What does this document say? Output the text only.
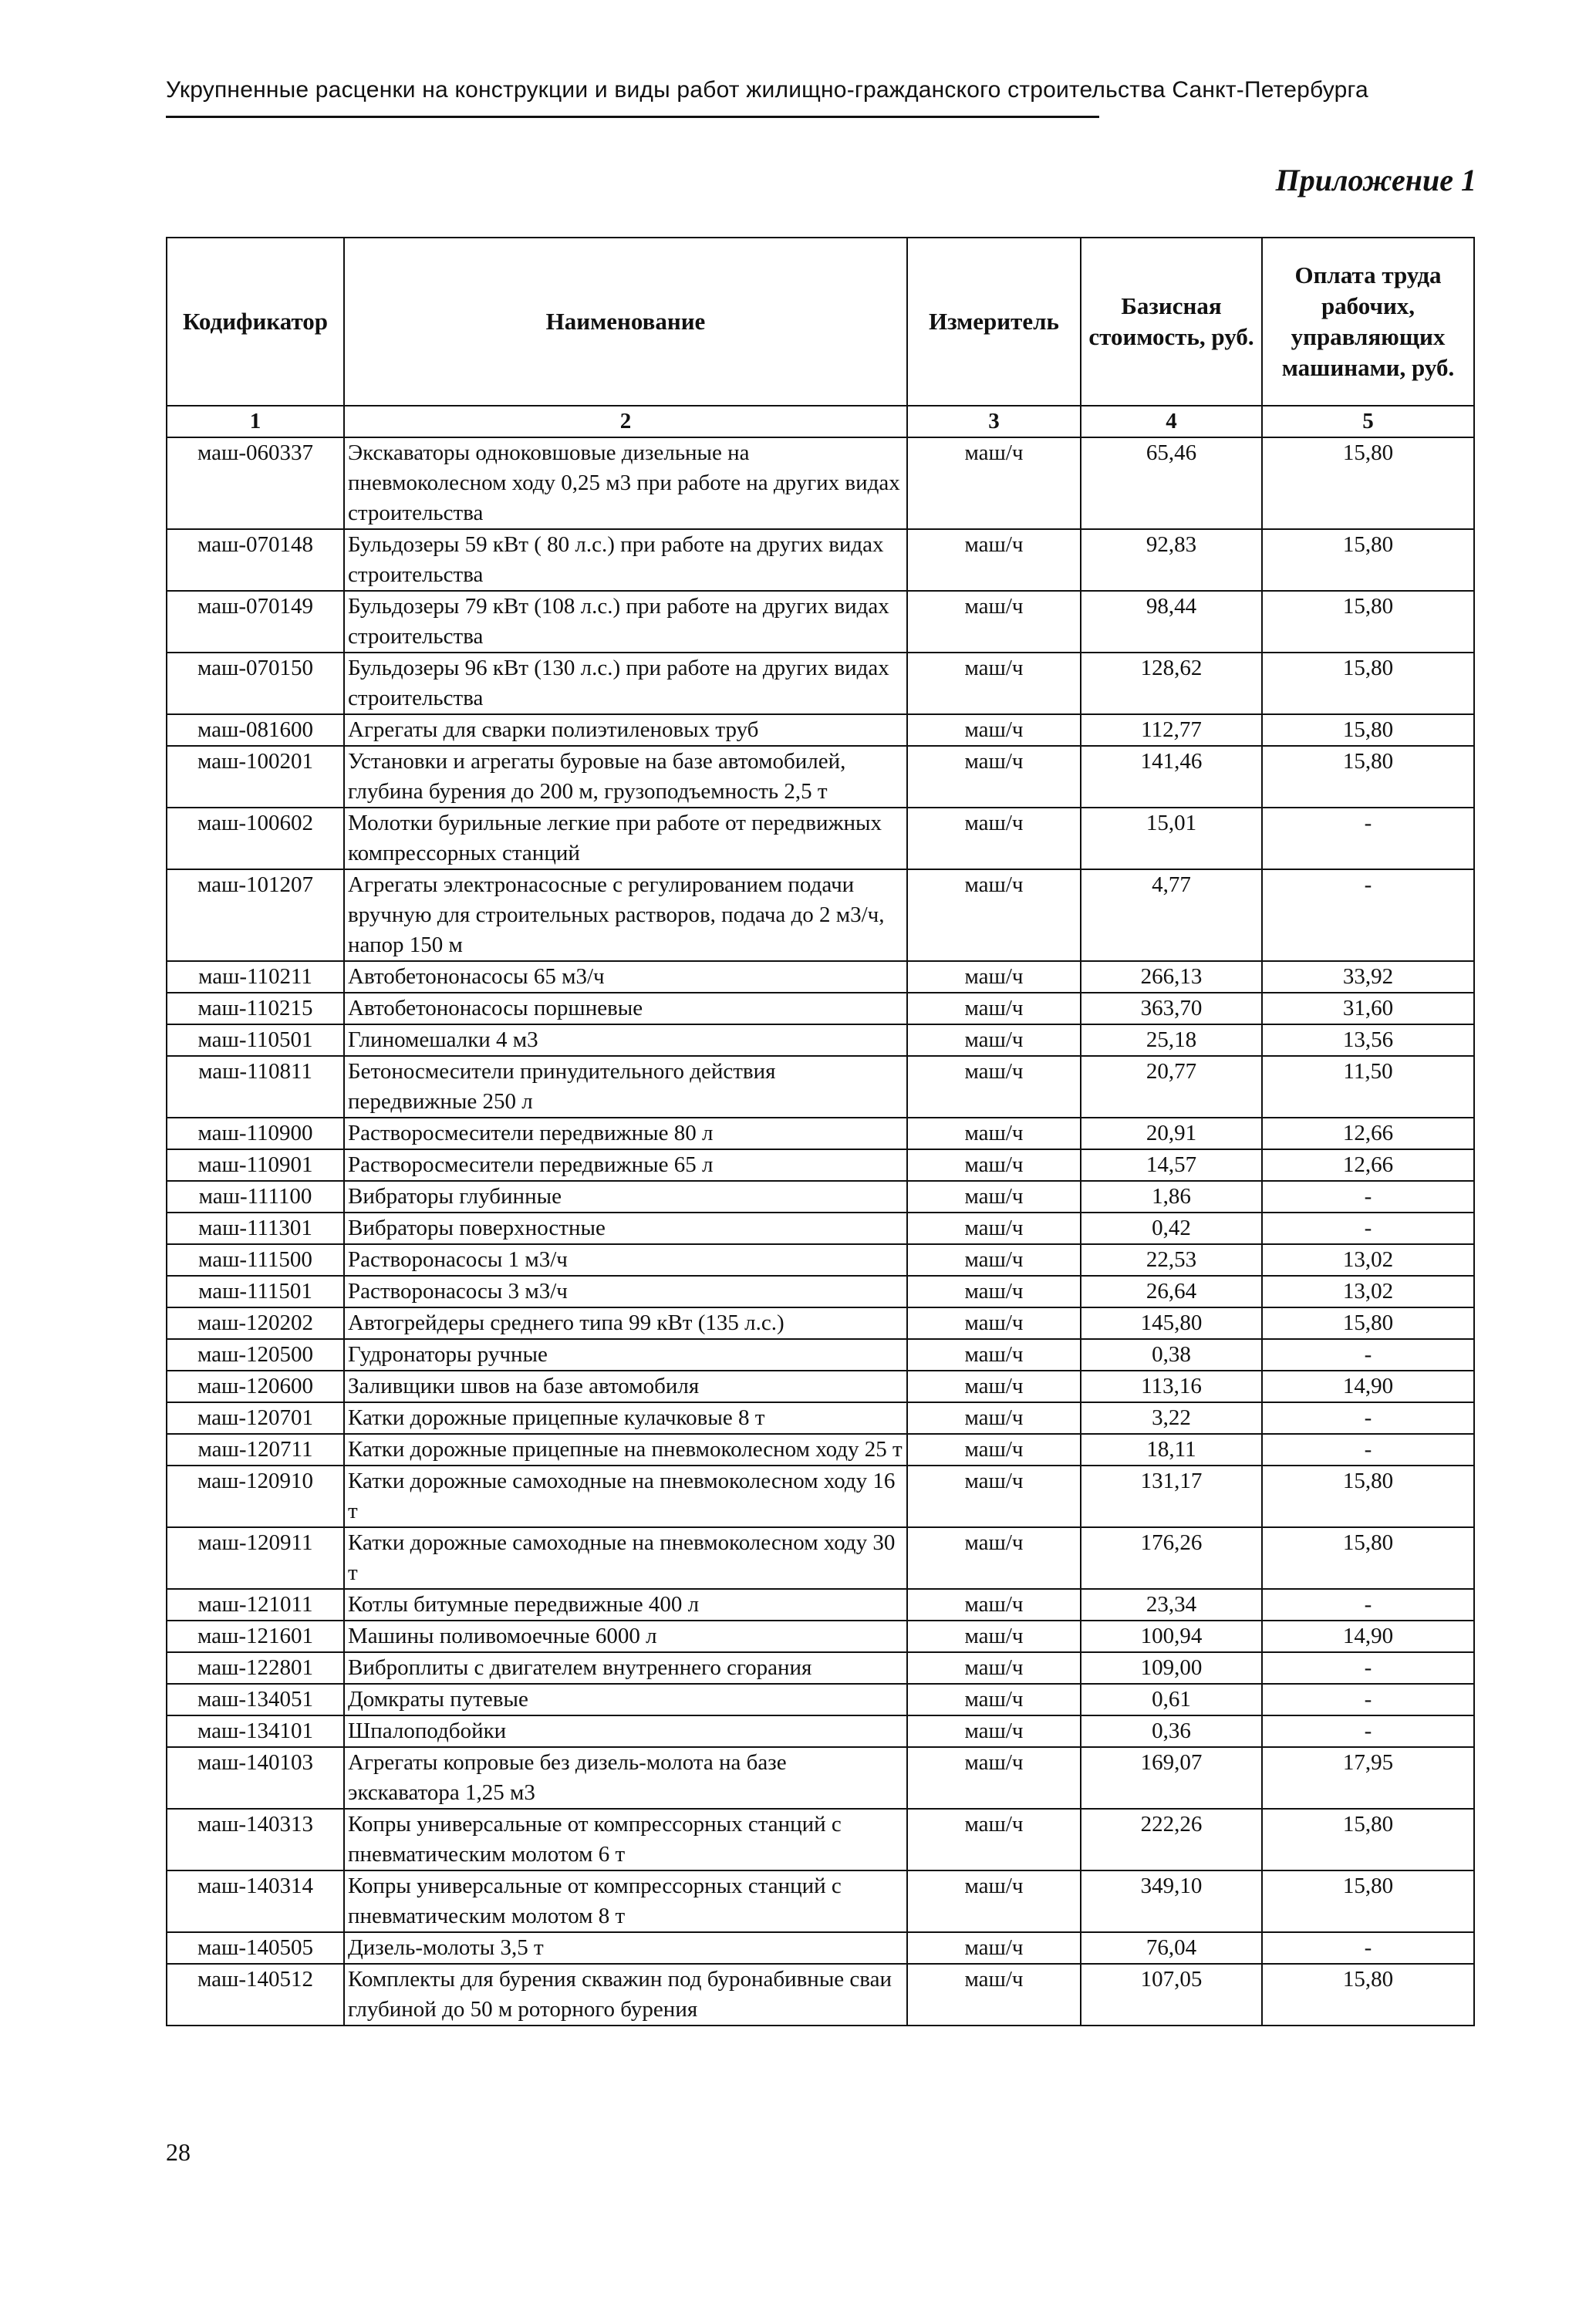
Укрупненные расценки на конструкции и виды работ жилищно-гражданского строительства Санкт-Петербурга
Приложение 1
Кодификатор	Наименование	Измеритель	Базисная стоимость, руб.	Оплата труда рабочих, управляющих машинами, руб.
1	2	3	4	5
маш-060337	Экскаваторы одноковшовые дизельные на пневмоколесном ходу 0,25 м3 при работе на других видах строительства	маш/ч	65,46	15,80
маш-070148	Бульдозеры 59 кВт ( 80 л.с.) при работе на других видах строительства	маш/ч	92,83	15,80
маш-070149	Бульдозеры 79 кВт (108 л.с.) при работе на других видах строительства	маш/ч	98,44	15,80
маш-070150	Бульдозеры 96 кВт (130 л.с.) при работе на других видах строительства	маш/ч	128,62	15,80
маш-081600	Агрегаты для сварки полиэтиленовых труб	маш/ч	112,77	15,80
маш-100201	Установки и агрегаты буровые на базе автомобилей, глубина бурения до 200 м, грузоподъемность 2,5 т	маш/ч	141,46	15,80
маш-100602	Молотки бурильные легкие при работе от передвижных компрессорных станций	маш/ч	15,01	-
маш-101207	Агрегаты электронасосные с регулированием подачи вручную для строительных растворов, подача до 2 м3/ч, напор 150 м	маш/ч	4,77	-
маш-110211	Автобетононасосы 65 м3/ч	маш/ч	266,13	33,92
маш-110215	Автобетононасосы поршневые	маш/ч	363,70	31,60
маш-110501	Глиномешалки 4 м3	маш/ч	25,18	13,56
маш-110811	Бетоносмесители принудительного действия передвижные 250 л	маш/ч	20,77	11,50
маш-110900	Растворосмесители передвижные 80 л	маш/ч	20,91	12,66
маш-110901	Растворосмесители передвижные 65 л	маш/ч	14,57	12,66
маш-111100	Вибраторы глубинные	маш/ч	1,86	-
маш-111301	Вибраторы поверхностные	маш/ч	0,42	-
маш-111500	Растворонасосы 1 м3/ч	маш/ч	22,53	13,02
маш-111501	Растворонасосы 3 м3/ч	маш/ч	26,64	13,02
маш-120202	Автогрейдеры среднего типа 99 кВт (135 л.с.)	маш/ч	145,80	15,80
маш-120500	Гудронаторы ручные	маш/ч	0,38	-
маш-120600	Заливщики швов на базе автомобиля	маш/ч	113,16	14,90
маш-120701	Катки дорожные прицепные кулачковые 8 т	маш/ч	3,22	-
маш-120711	Катки дорожные прицепные на пневмоколесном ходу 25 т	маш/ч	18,11	-
маш-120910	Катки дорожные самоходные на пневмоколесном ходу 16 т	маш/ч	131,17	15,80
маш-120911	Катки дорожные самоходные на пневмоколесном ходу 30 т	маш/ч	176,26	15,80
маш-121011	Котлы битумные передвижные 400 л	маш/ч	23,34	-
маш-121601	Машины поливомоечные 6000 л	маш/ч	100,94	14,90
маш-122801	Виброплиты с двигателем внутреннего сгорания	маш/ч	109,00	-
маш-134051	Домкраты путевые	маш/ч	0,61	-
маш-134101	Шпалоподбойки	маш/ч	0,36	-
маш-140103	Агрегаты копровые без дизель-молота на базе экскаватора 1,25 м3	маш/ч	169,07	17,95
маш-140313	Копры универсальные от компрессорных станций с пневматическим молотом 6 т	маш/ч	222,26	15,80
маш-140314	Копры универсальные от компрессорных станций с пневматическим молотом 8 т	маш/ч	349,10	15,80
маш-140505	Дизель-молоты 3,5 т	маш/ч	76,04	-
маш-140512	Комплекты для бурения скважин под буронабивные сваи глубиной до 50 м роторного бурения	маш/ч	107,05	15,80
28
